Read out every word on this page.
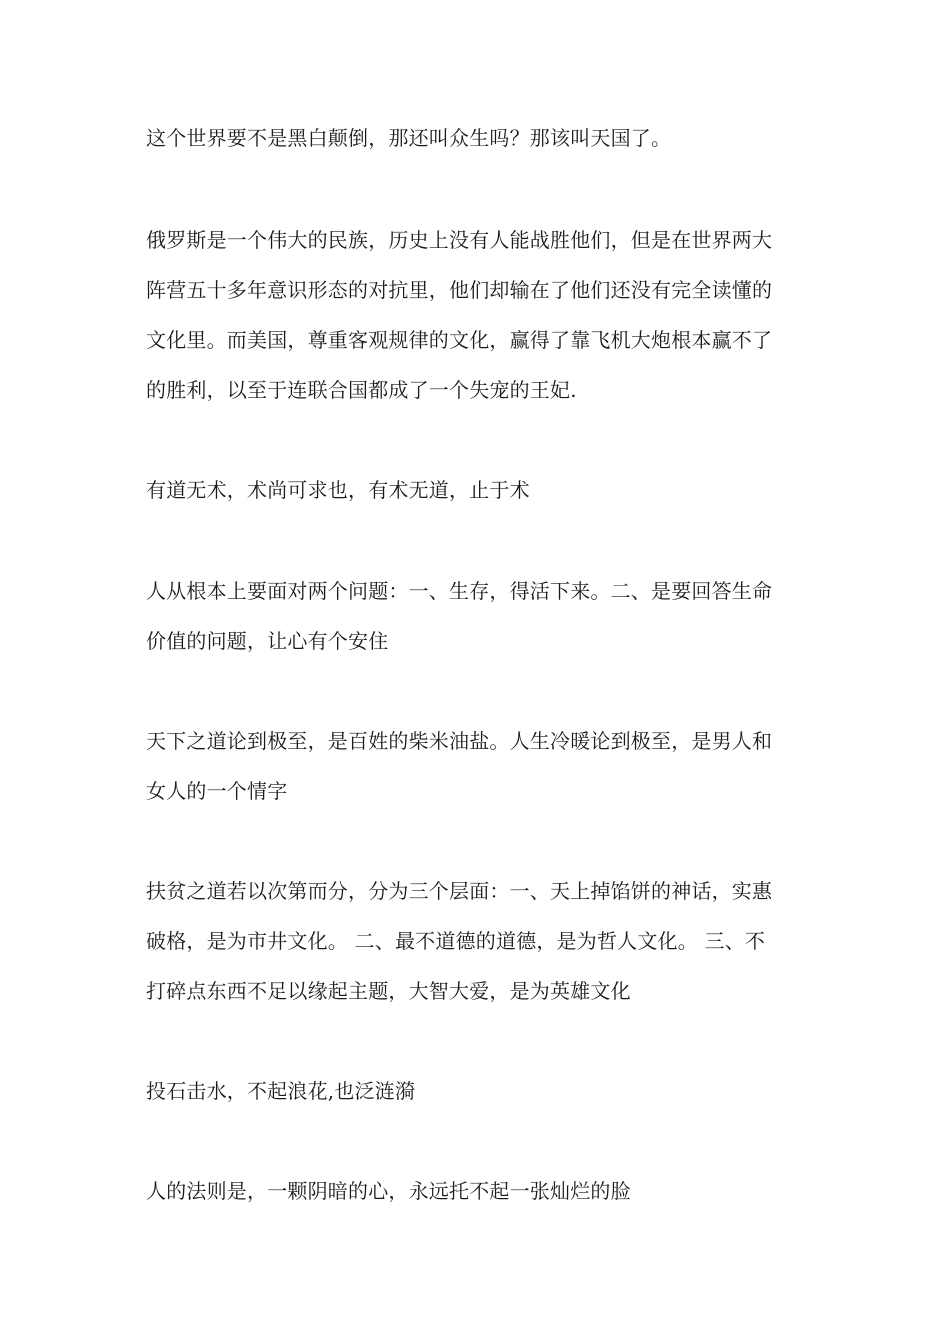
这个世界要不是黑白颠倒，那还叫众生吗？那该叫天国了。

俄罗斯是一个伟大的民族，历史上没有人能战胜他们，但是在世界两大
阵营五十多年意识形态的对抗里，他们却输在了他们还没有完全读懂的
文化里。而美国，尊重客观规律的文化，赢得了靠飞机大炮根本赢不了
的胜利，以至于连联合国都成了一个失宠的王妃.

有道无术，术尚可求也，有术无道，止于术

人从根本上要面对两个问题：一、生存，得活下来。二、是要回答生命
价值的问题，让心有个安住

天下之道论到极至，是百姓的柴米油盐。人生冷暖论到极至，是男人和
女人的一个情字

扶贫之道若以次第而分，分为三个层面：一、天上掉馅饼的神话，实惠
破格，是为市井文化。 二、最不道德的道德，是为哲人文化。 三、不
打碎点东西不足以缘起主题，大智大爱，是为英雄文化

投石击水，不起浪花,也泛涟漪

人的法则是，一颗阴暗的心，永远托不起一张灿烂的脸
